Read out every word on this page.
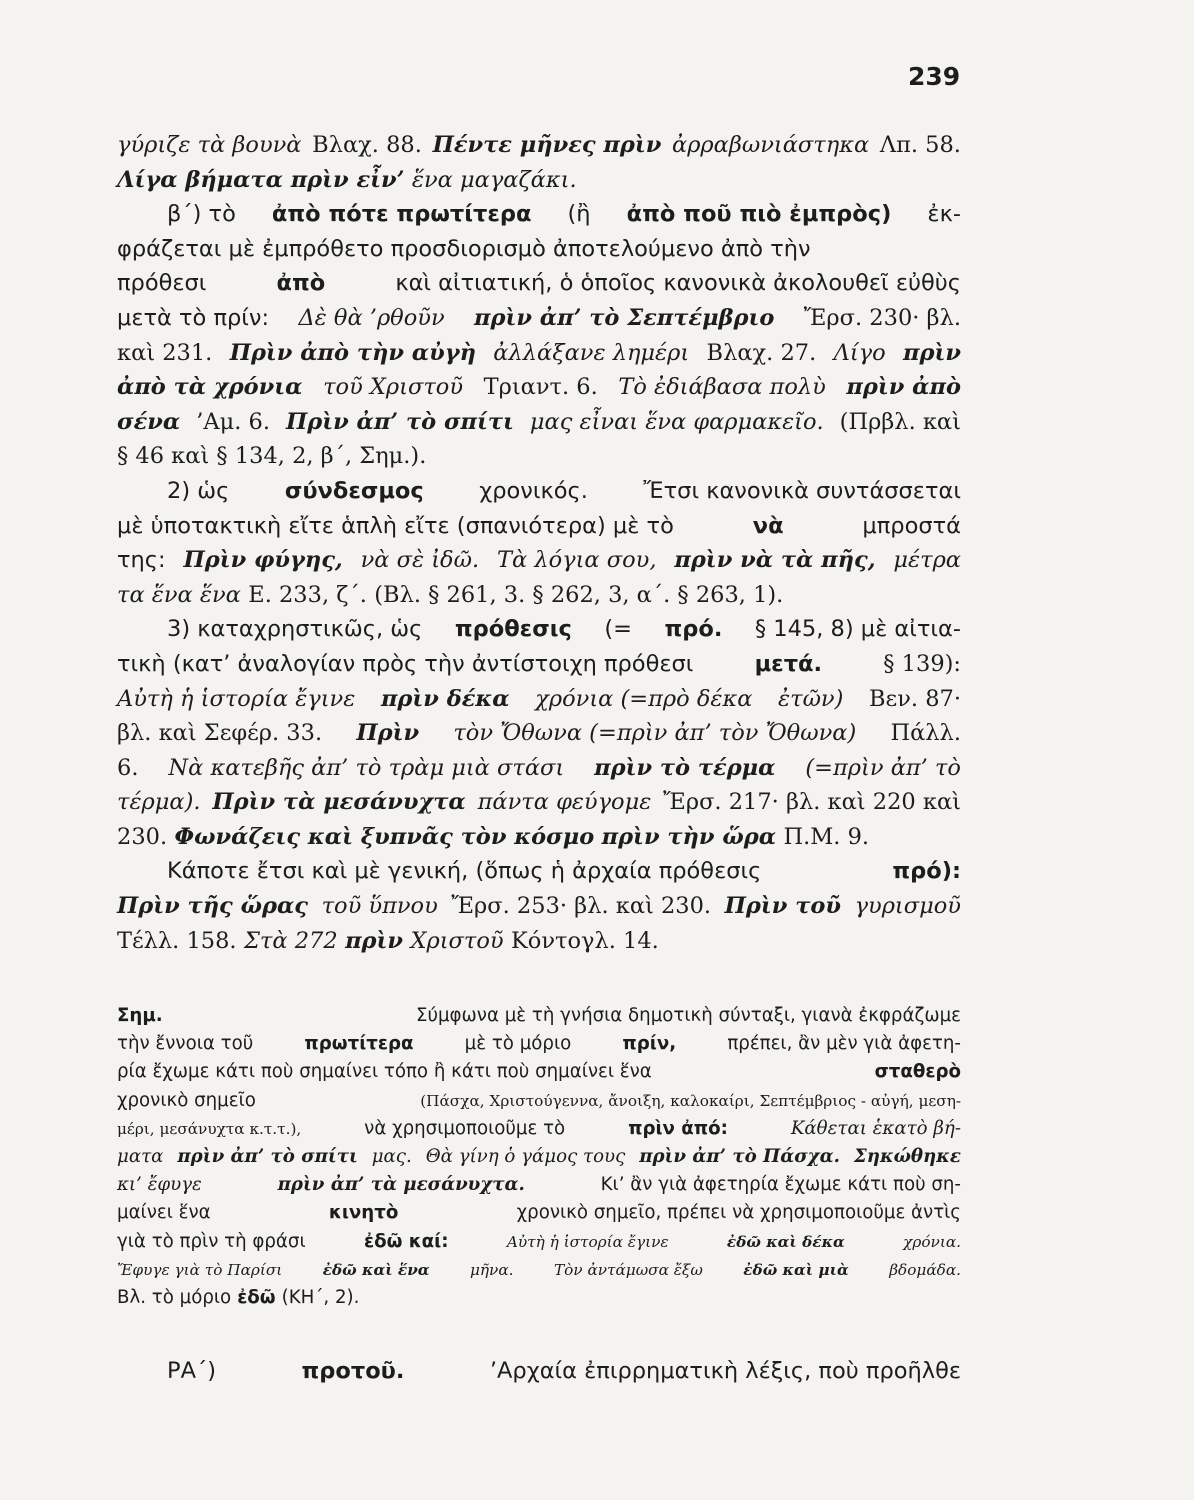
239
γύριζε τὰ βουνὰ Βλαχ. 88. Πέντε μῆνες πρὶν ἀρραβωνιάστηκα Λπ. 58.
Λίγα βήματα πρὶν εἶν’ ἕνα μαγαζάκι.
β΄) τὸ ἀπὸ πότε πρωτίτερα (ἢ ἀπὸ ποῦ πιὸ ἐμπρὸς) ἐκ-
φράζεται μὲ ἐμπρόθετο προσδιορισμὸ ἀποτελούμενο ἀπὸ τὴν
πρόθεσι	ἀπὸ	καὶ αἰτιατική, ὁ ὁποῖος κανονικὰ ἀκολουθεῖ εὐθὺς
μετὰ τὸ πρίν: Δὲ θὰ ’ρθοῦν πρὶν ἀπ’ τὸ Σεπτέμβριο Ἔρσ. 230· βλ.
καὶ 231. Πρὶν ἀπὸ τὴν αὐγὴ ἀλλάξανε λημέρι Βλαχ. 27. Λίγο πρὶν
ἀπὸ τὰ χρόνια τοῦ Χριστοῦ Τριαντ. 6. Τὸ ἐδιάβασα πολὺ πρὶν ἀπὸ
σένα ’Αμ. 6. Πρὶν ἀπ’ τὸ σπίτι μας εἶναι ἕνα φαρμακεῖο. (Πρβλ. καὶ
§ 46 καὶ § 134, 2, β΄, Σημ.).
2) ὡς σύνδεσμος χρονικός. Ἔτσι κανονικὰ συντάσσεται
μὲ ὑποτακτικὴ εἴτε ἁπλὴ εἴτε (σπανιότερα) μὲ τὸ	νὰ	μπροστά
της: Πρὶν φύγης, νὰ σὲ ἰδῶ. Τὰ λόγια σου, πρὶν νὰ τὰ πῆς, μέτρα
τα ἕνα ἕνα Ε. 233, ζ΄. (Βλ. § 261, 3. § 262, 3, α΄. § 263, 1).
3) καταχρηστικῶς, ὡς πρόθεσις (= πρό. § 145, 8) μὲ αἰτια-
τικὴ (κατ’ ἀναλογίαν πρὸς τὴν ἀντίστοιχη πρόθεσι	μετά.	§ 139):
Αὐτὴ ἡ ἱστορία ἔγινε πρὶν δέκα χρόνια (=πρὸ δέκα ἐτῶν) Βεν. 87·
βλ. καὶ Σεφέρ. 33. Πρὶν τὸν Ὄθωνα (=πρὶν ἀπ’ τὸν Ὄθωνα) Πάλλ.
6. Νὰ κατεβῆς ἀπ’ τὸ τρὰμ μιὰ στάσι πρὶν τὸ τέρμα (=πρὶν ἀπ’ τὸ
τέρμα). Πρὶν τὰ μεσάνυχτα πάντα φεύγομε Ἔρσ. 217· βλ. καὶ 220 καὶ
230. Φωνάζεις καὶ ξυπνᾶς τὸν κόσμο πρὶν τὴν ὥρα Π.Μ. 9.
Κάποτε ἔτσι καὶ μὲ γενική, (ὅπως ἡ ἀρχαία πρόθεσις	πρό):
Πρὶν τῆς ὥρας τοῦ ὕπνου Ἔρσ. 253· βλ. καὶ 230. Πρὶν τοῦ γυρισμοῦ
Τέλλ. 158. Στὰ 272 πρὶν Χριστοῦ Κόντογλ. 14.
Σημ.	Σύμφωνα μὲ τὴ γνήσια δημοτικὴ σύνταξι, γιανὰ ἐκφράζωμε
τὴν ἔννοια τοῦ	πρωτίτερα	μὲ τὸ μόριο	πρίν,	πρέπει, ἂν μὲν γιὰ ἀφετη-
ρία ἔχωμε κάτι ποὺ σημαίνει τόπο ἢ κάτι ποὺ σημαίνει ἕνα	σταθερὸ
χρονικὸ σημεῖο	(Πάσχα, Χριστούγεννα, ἄνοιξη, καλοκαίρι, Σεπτέμβριος - αὐγή, μεση-
μέρι, μεσάνυχτα κ.τ.τ.),	νὰ χρησιμοποιοῦμε τὸ	πρὶν ἀπό:	Κάθεται ἑκατὸ βή-
ματα πρὶν ἀπ’ τὸ σπίτι μας. Θὰ γίνη ὁ γάμος τους πρὶν ἀπ’ τὸ Πάσχα. Σηκώθηκε
κι’ ἔφυγε	πρὶν ἀπ’ τὰ μεσάνυχτα.	Κι’ ἂν γιὰ ἀφετηρία ἔχωμε κάτι ποὺ ση-
μαίνει ἕνα	κινητὸ	χρονικὸ σημεῖο, πρέπει νὰ χρησιμοποιοῦμε ἀντὶς
γιὰ τὸ πρὶν τὴ φράσι	ἐδῶ καί:	Αὐτὴ ἡ ἱστορία ἔγινε	ἐδῶ καὶ δέκα	χρόνια.
Ἔφυγε γιὰ τὸ Παρίσι	ἐδῶ καὶ ἕνα	μῆνα.	Τὸν ἀντάμωσα ἔξω	ἐδῶ καὶ μιὰ	βδομάδα.
Βλ. τὸ μόριο ἐδῶ (ΚΗ΄, 2).
ΡΑ΄)	προτοῦ.	’Αρχαία ἐπιρρηματικὴ λέξις, ποὺ προῆλθε
